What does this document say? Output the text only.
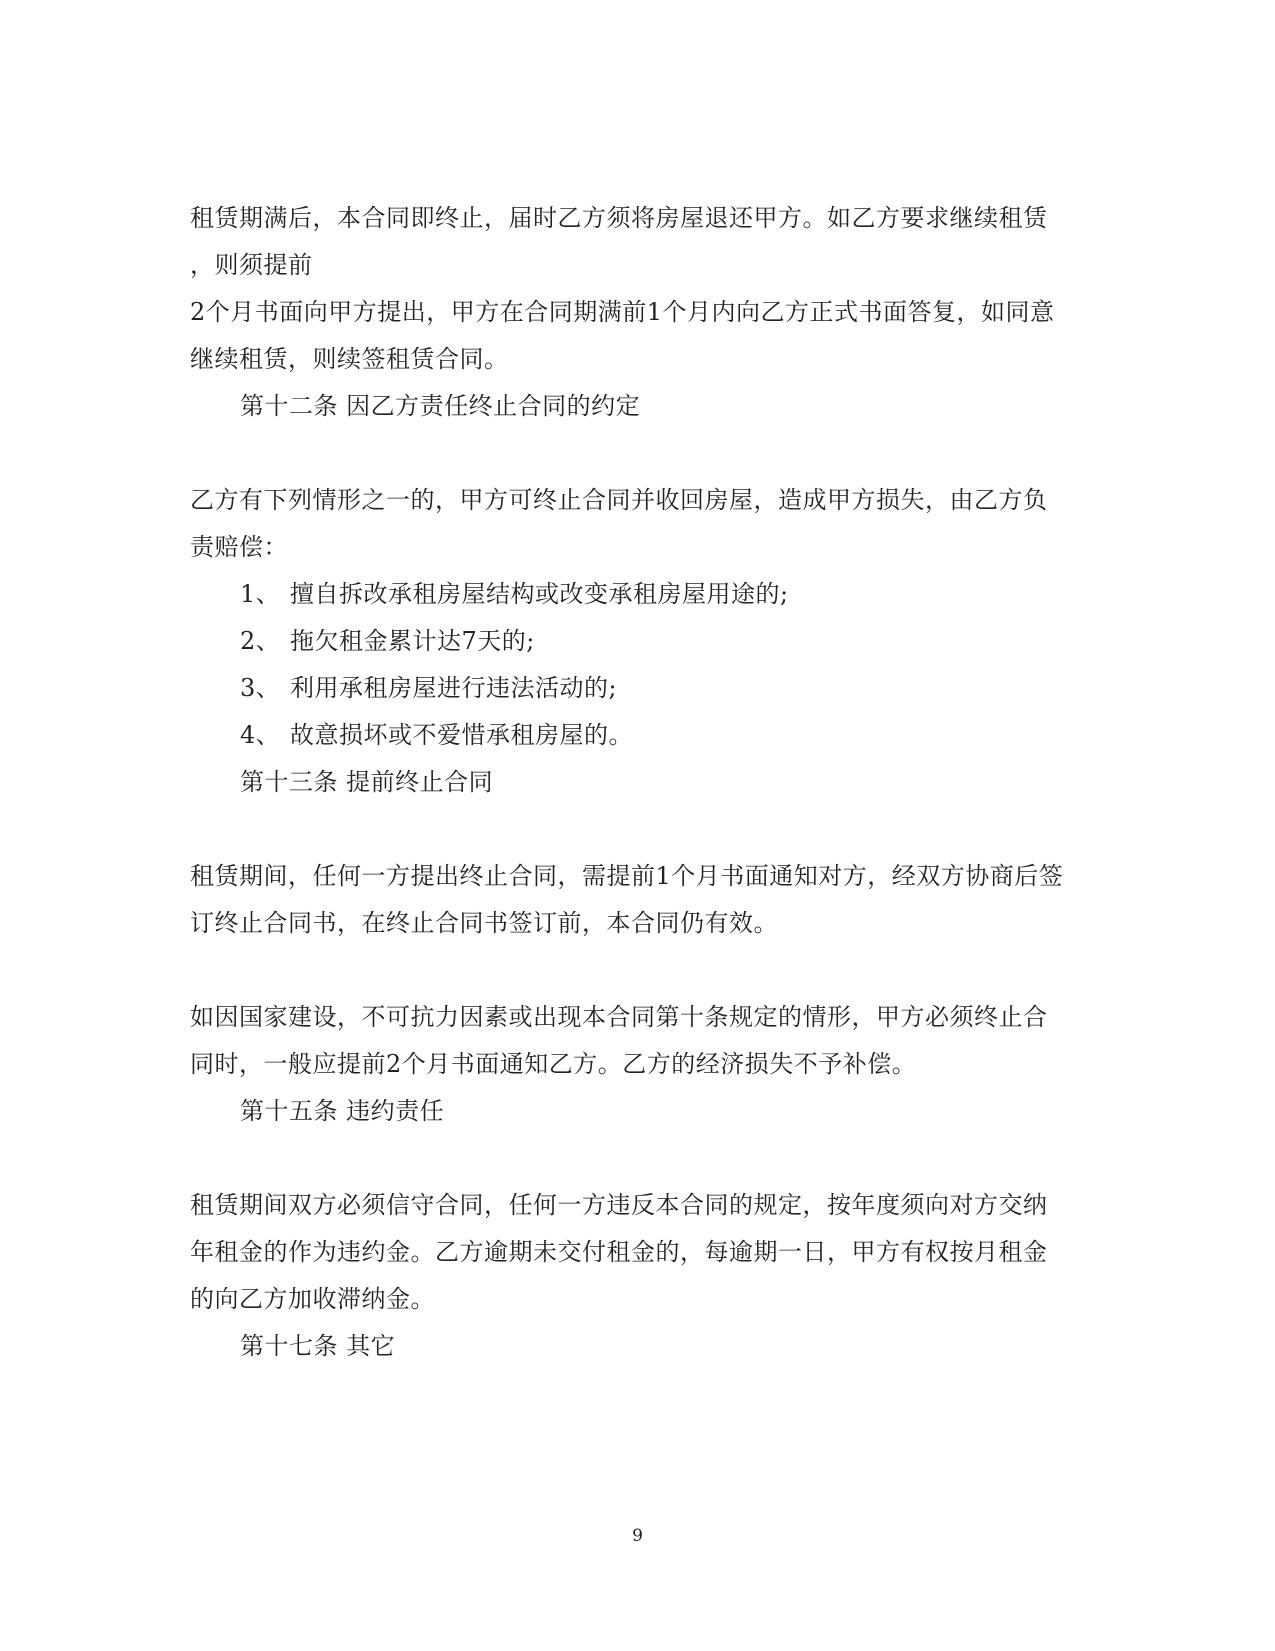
租赁期满后，本合同即终止，届时乙方须将房屋退还甲方。如乙方要求继续租赁
，则须提前
2个月书面向甲方提出，甲方在合同期满前1个月内向乙方正式书面答复，如同意
继续租赁，则续签租赁合同。
第十二条 因乙方责任终止合同的约定
乙方有下列情形之一的，甲方可终止合同并收回房屋，造成甲方损失，由乙方负
责赔偿：
1、 擅自拆改承租房屋结构或改变承租房屋用途的;
2、 拖欠租金累计达7天的;
3、 利用承租房屋进行违法活动的;
4、 故意损坏或不爱惜承租房屋的。
第十三条 提前终止合同
租赁期间，任何一方提出终止合同，需提前1个月书面通知对方，经双方协商后签
订终止合同书，在终止合同书签订前，本合同仍有效。
如因国家建设，不可抗力因素或出现本合同第十条规定的情形，甲方必须终止合
同时，一般应提前2个月书面通知乙方。乙方的经济损失不予补偿。
第十五条 违约责任
租赁期间双方必须信守合同，任何一方违反本合同的规定，按年度须向对方交纳
年租金的作为违约金。乙方逾期未交付租金的，每逾期一日，甲方有权按月租金
的向乙方加收滞纳金。
第十七条 其它
9
